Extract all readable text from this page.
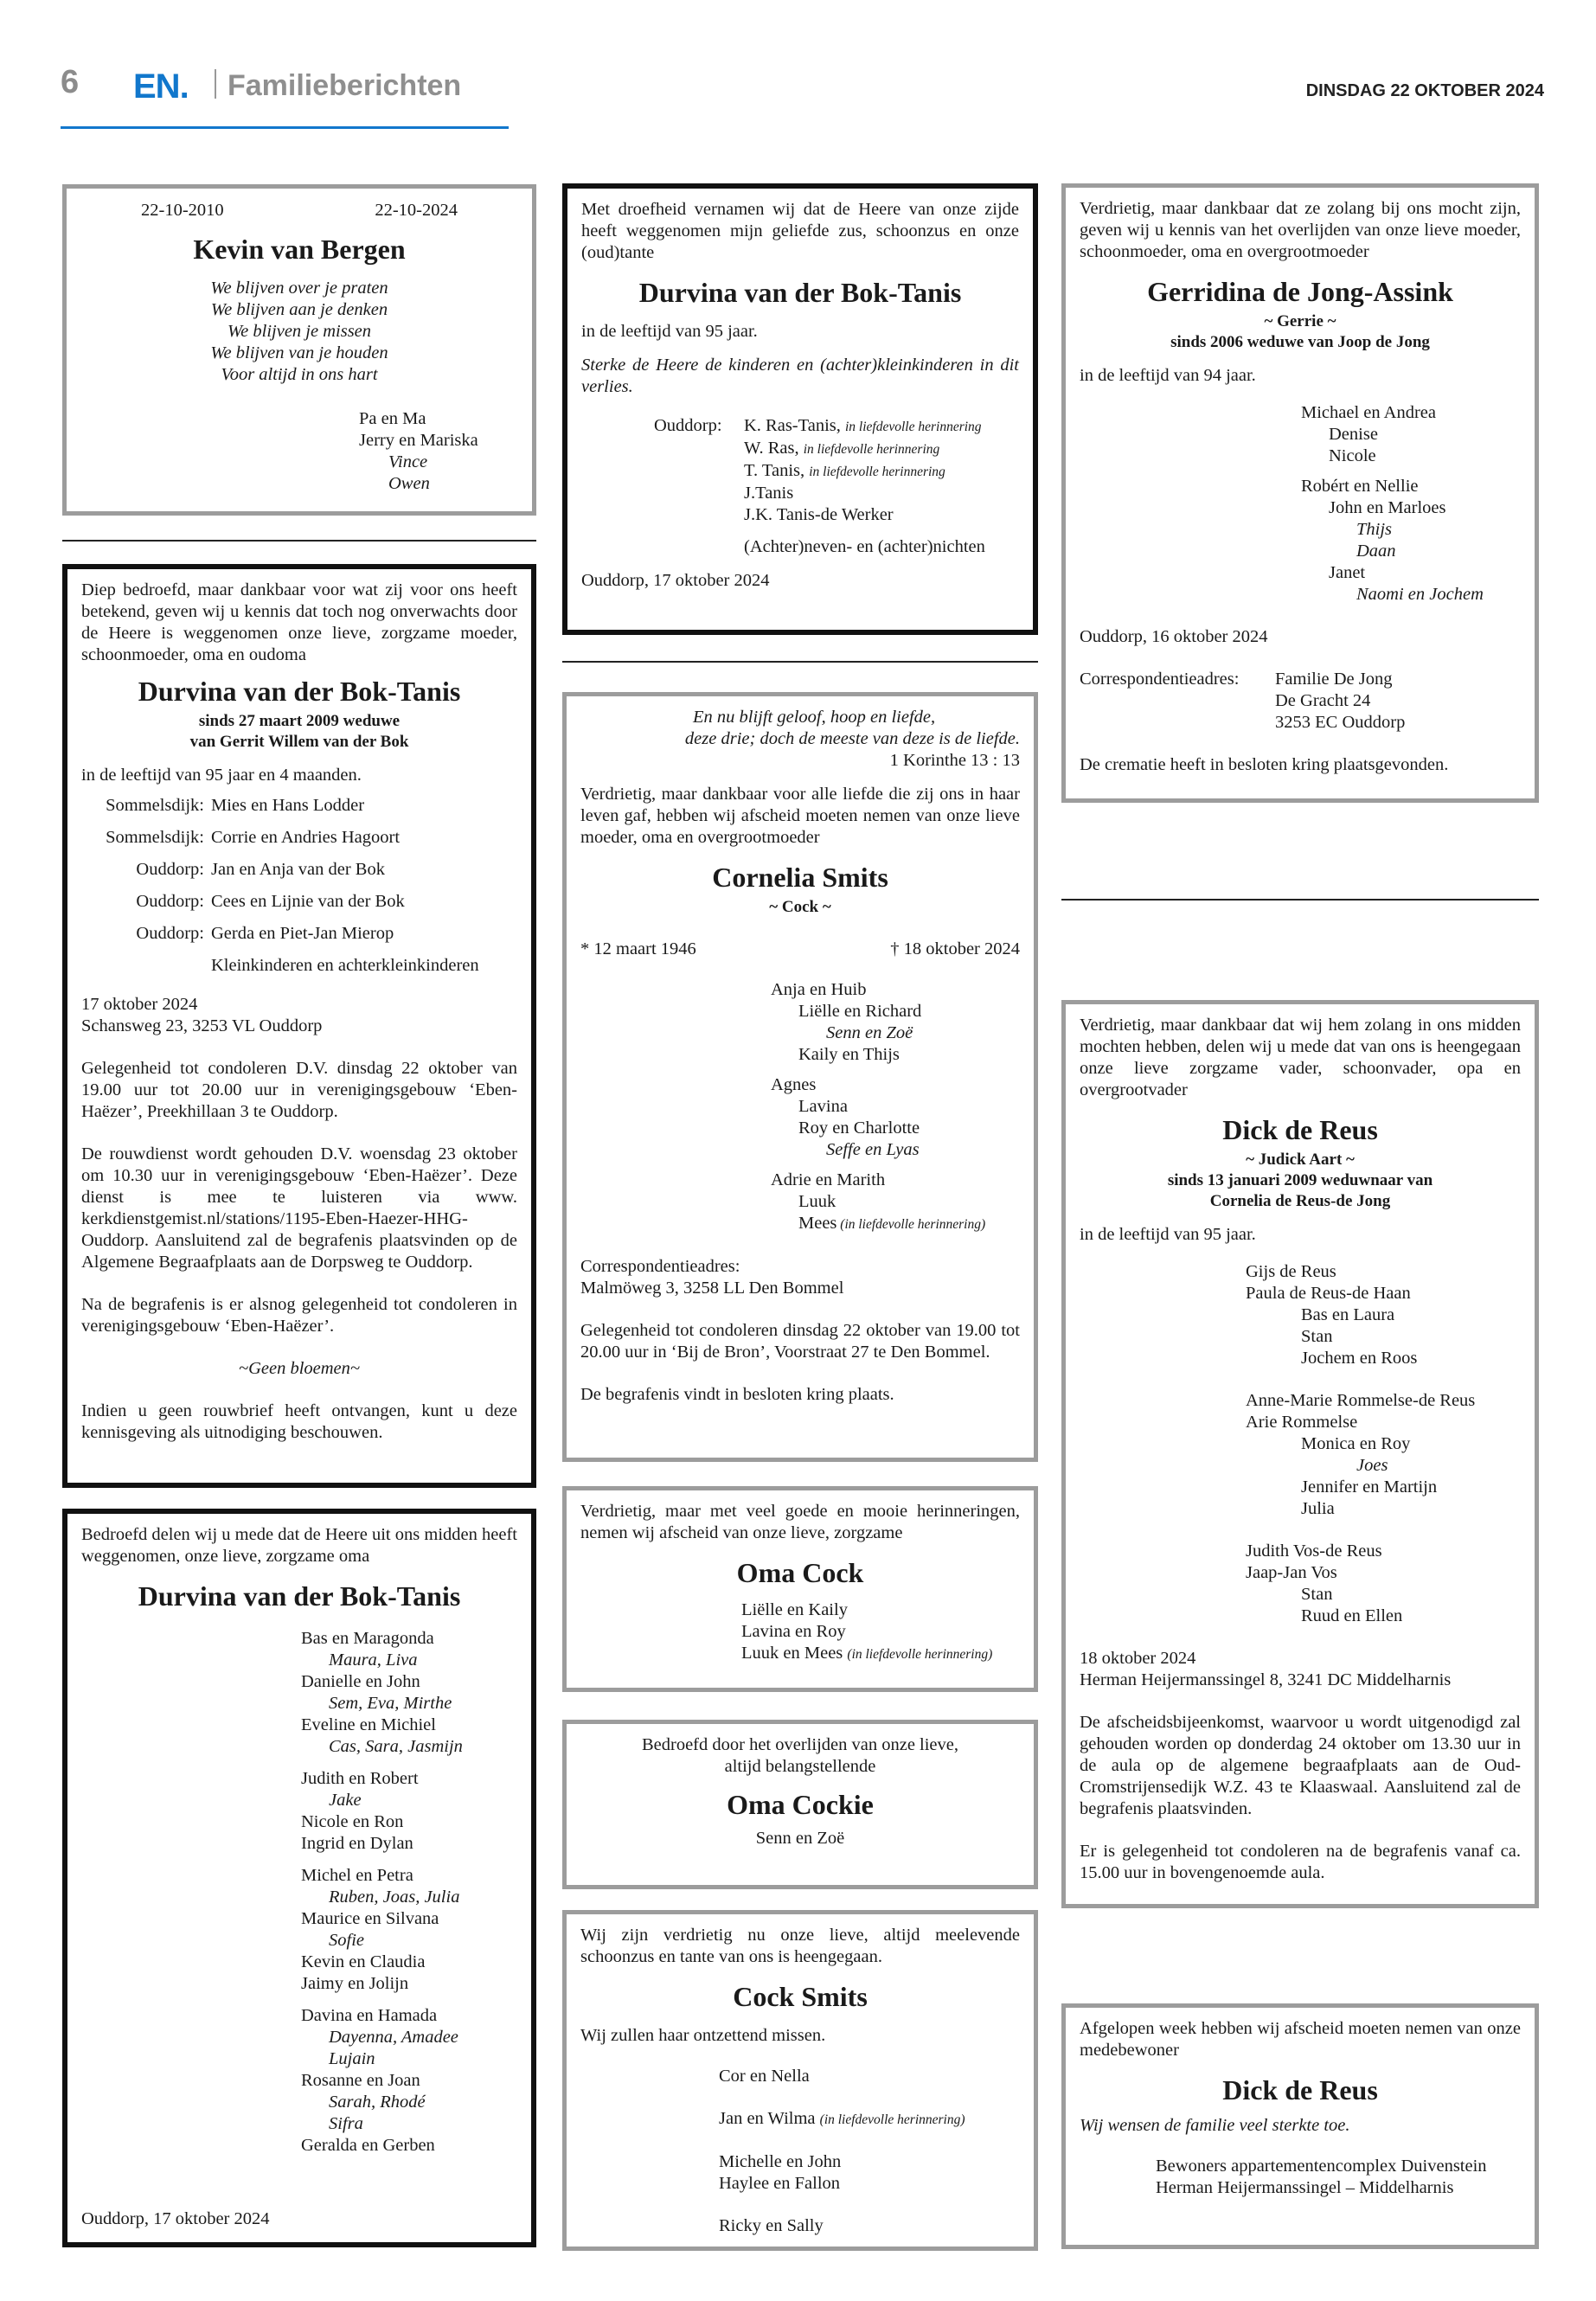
6 EN. Familieberichten	DINSDAG 22 OKTOBER 2024
22-10-2010	22-10-2024
Kevin van Bergen

We blijven over je praten

We blijven aan je denken

We blijven je missen

We blijven van je houden

Voor altijd in ons hart

Pa en Ma

Jerry en Mariska

Vince

Owen

Diep bedroefd, maar dankbaar voor wat zij voor ons heeft betekend, geven wij u kennis dat toch nog onverwachts door de Heere is weggenomen onze lieve, zorgzame moeder, schoonmoeder, oma en oudoma

Durvina van der Bok-Tanis
sinds 27 maart 2009 weduwe
van Gerrit Willem van der Bok

in de leeftijd van 95 jaar en 4 maanden.

Sommelsdijk: Mies en Hans Lodder
Sommelsdijk: Corrie en Andries Hagoort
Ouddorp: Jan en Anja van der Bok
Ouddorp: Cees en Lijnie van der Bok
Ouddorp: Gerda en Piet-Jan Mierop
Kleinkinderen en achterkleinkinderen

17 oktober 2024

Schansweg 23, 3253 VL Ouddorp

Gelegenheid tot condoleren D.V. dinsdag 22 oktober van 19.00 uur tot 20.00 uur in verenigingsgebouw ‘Eben-Haëzer’, Preekhillaan 3 te Ouddorp.

De rouwdienst wordt gehouden D.V. woensdag 23 oktober om 10.30 uur in verenigingsgebouw ‘Eben-Haëzer’. Deze dienst is mee te luisteren via www. kerkdienstgemist.nl/stations/1195-Eben-Haezer-HHG-Ouddorp. Aansluitend zal de begrafenis plaatsvinden op de Algemene Begraafplaats aan de Dorpsweg te Ouddorp.

Na de begrafenis is er alsnog gelegenheid tot condoleren in verenigingsgebouw ‘Eben-Haëzer’.

~Geen bloemen~

Indien u geen rouwbrief heeft ontvangen, kunt u deze kennisgeving als uitnodiging beschouwen.

Bedroefd delen wij u mede dat de Heere uit ons midden heeft weggenomen, onze lieve, zorgzame oma

Durvina van der Bok-Tanis

Bas en Maragonda

Maura, Liva

Danielle en John

Sem, Eva, Mirthe

Eveline en Michiel

Cas, Sara, Jasmijn

Judith en Robert

Jake

Nicole en Ron

Ingrid en Dylan

Michel en Petra

Ruben, Joas, Julia

Maurice en Silvana

Sofie

Kevin en Claudia

Jaimy en Jolijn

Davina en Hamada

Dayenna, Amadee

Lujain

Rosanne en Joan

Sarah, Rhodé

Sifra

Geralda en Gerben

Ouddorp, 17 oktober 2024

Met droefheid vernamen wij dat de Heere van onze zijde heeft weggenomen mijn geliefde zus, schoonzus en onze (oud)tante

Durvina van der Bok-Tanis

in de leeftijd van 95 jaar.

Sterke de Heere de kinderen en (achter)kleinkinderen in dit verlies.

Ouddorp:	K. Ras-Tanis, in liefdevolle herinnering

W. Ras, in liefdevolle herinnering

T. Tanis, in liefdevolle herinnering

J.Tanis

J.K. Tanis-de Werker

(Achter)neven- en (achter)nichten

Ouddorp, 17 oktober 2024

En nu blijft geloof, hoop en liefde,

deze drie; doch de meeste van deze is de liefde.

1 Korinthe 13 : 13

Verdrietig, maar dankbaar voor alle liefde die zij ons in haar leven gaf, hebben wij afscheid moeten nemen van onze lieve moeder, oma en overgrootmoeder

Cornelia Smits
~ Cock ~

* 12 maart 1946	† 18 oktober 2024

Anja en Huib

Liëlle en Richard

Senn en Zoë

Kaily en Thijs

Agnes

Lavina

Roy en Charlotte

Seffe en Lyas

Adrie en Marith

Luuk

Mees (in liefdevolle herinnering)

Correspondentieadres:

Malmöweg 3, 3258 LL Den Bommel

Gelegenheid tot condoleren dinsdag 22 oktober van 19.00 tot 20.00 uur in ‘Bij de Bron’, Voorstraat 27 te Den Bommel.

De begrafenis vindt in besloten kring plaats.

Verdrietig, maar met veel goede en mooie herinneringen, nemen wij afscheid van onze lieve, zorgzame

Oma Cock

Liëlle en Kaily

Lavina en Roy

Luuk en Mees (in liefdevolle herinnering)

Bedroefd door het overlijden van onze lieve,

altijd belangstellende

Oma Cockie

Senn en Zoë

Wij zijn verdrietig nu onze lieve, altijd meelevende schoonzus en tante van ons is heengegaan.

Cock Smits

Wij zullen haar ontzettend missen.

Cor en Nella

Jan en Wilma (in liefdevolle herinnering)

Michelle en John

Haylee en Fallon

Ricky en Sally

Verdrietig, maar dankbaar dat ze zolang bij ons mocht zijn, geven wij u kennis van het overlijden van onze lieve moeder, schoonmoeder, oma en overgrootmoeder

Gerridina de Jong-Assink
~ Gerrie ~
sinds 2006 weduwe van Joop de Jong

in de leeftijd van 94 jaar.

Michael en Andrea

Denise

Nicole

Robért en Nellie

John en Marloes

Thijs

Daan

Janet

Naomi en Jochem

Ouddorp, 16 oktober 2024

Correspondentieadres:	Familie De Jong

De Gracht 24

3253 EC Ouddorp

De crematie heeft in besloten kring plaatsgevonden.

Verdrietig, maar dankbaar dat wij hem zolang in ons midden mochten hebben, delen wij u mede dat van ons is heengegaan onze lieve zorgzame vader, schoonvader, opa en overgrootvader

Dick de Reus
~ Judick Aart ~
sinds 13 januari 2009 weduwnaar van
Cornelia de Reus-de Jong

in de leeftijd van 95 jaar.

Gijs de Reus

Paula de Reus-de Haan

Bas en Laura

Stan

Jochem en Roos

Anne-Marie Rommelse-de Reus

Arie Rommelse

Monica en Roy

Joes

Jennifer en Martijn

Julia

Judith Vos-de Reus

Jaap-Jan Vos

Stan

Ruud en Ellen

18 oktober 2024

Herman Heijermanssingel 8, 3241 DC Middelharnis

De afscheidsbijeenkomst, waarvoor u wordt uitgenodigd zal gehouden worden op donderdag 24 oktober om 13.30 uur in de aula op de algemene begraafplaats aan de Oud-Cromstrijensedijk W.Z. 43 te Klaaswaal. Aansluitend zal de begrafenis plaatsvinden.

Er is gelegenheid tot condoleren na de begrafenis vanaf ca. 15.00 uur in bovengenoemde aula.

Afgelopen week hebben wij afscheid moeten nemen van onze medebewoner

Dick de Reus

Wij wensen de familie veel sterkte toe.

Bewoners appartementencomplex Duivenstein

Herman Heijermanssingel – Middelharnis
